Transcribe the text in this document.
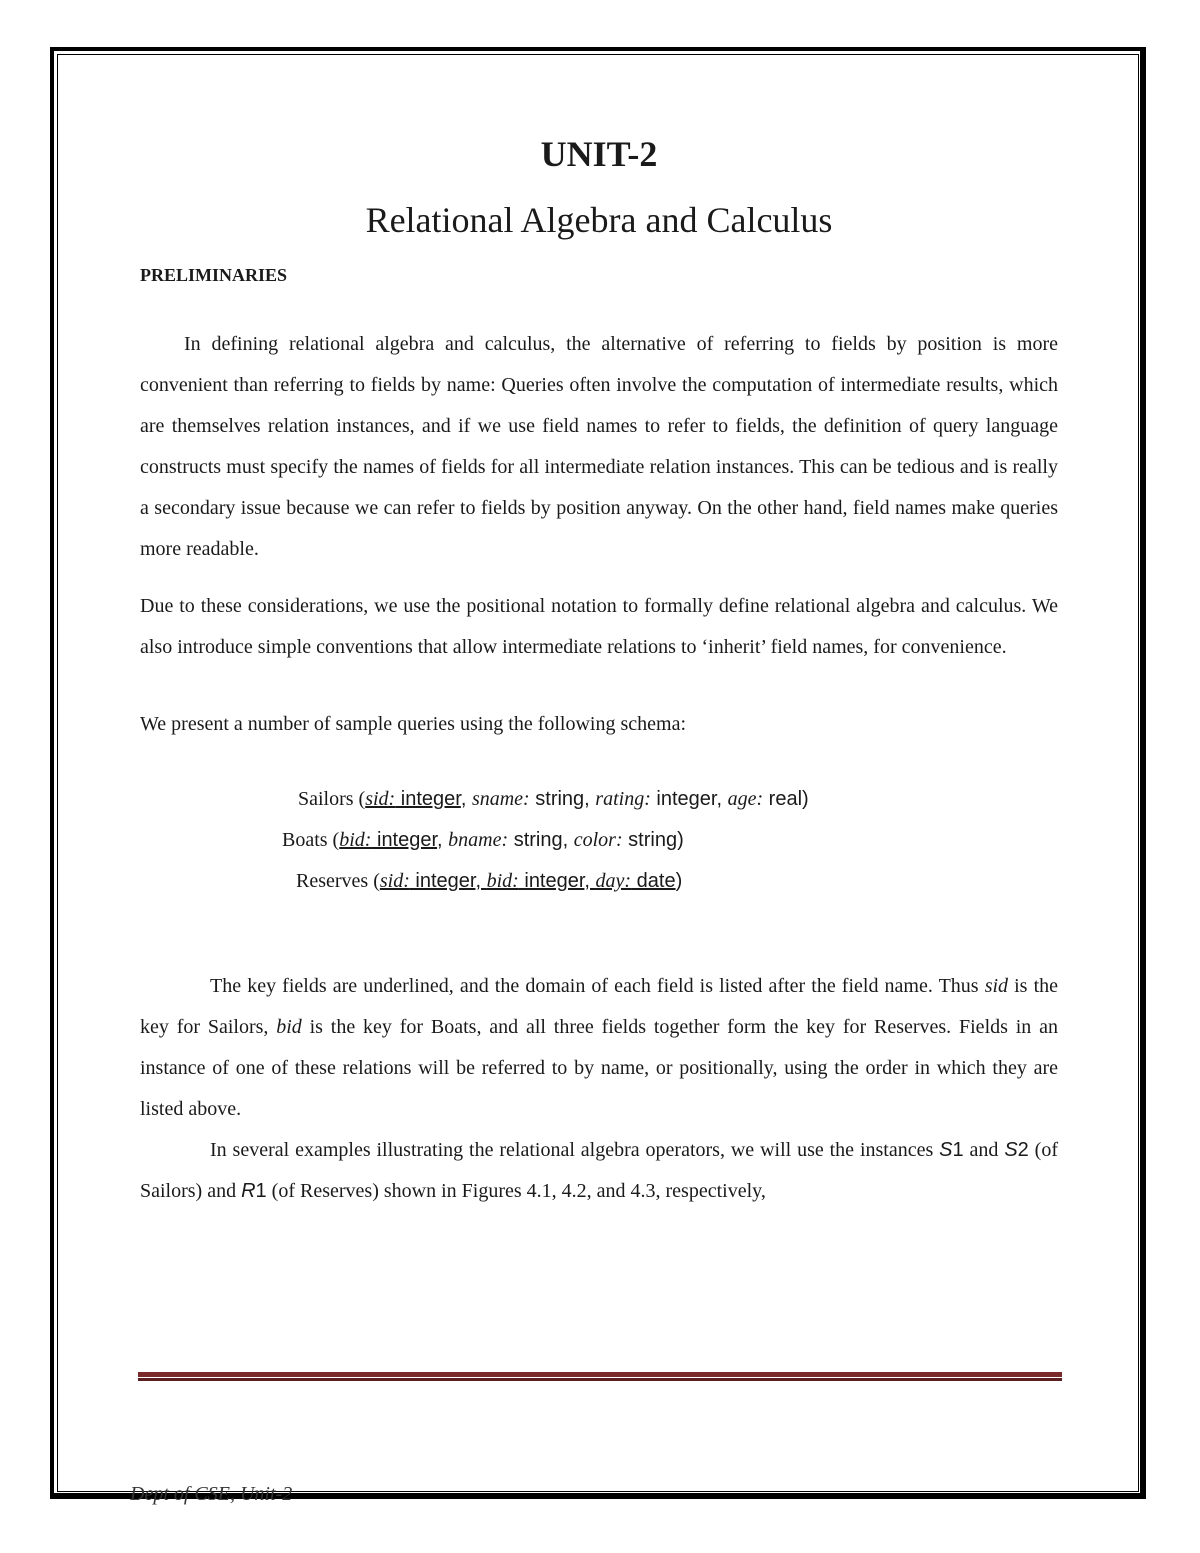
UNIT-2
Relational Algebra and Calculus
PRELIMINARIES

In defining relational algebra and calculus, the alternative of referring to fields by position is more convenient than referring to fields by name: Queries often involve the computation of intermediate results, which are themselves relation instances, and if we use field names to refer to fields, the definition of query language constructs must specify the names of fields for all intermediate relation instances. This can be tedious and is really a secondary issue because we can refer to fields by position anyway. On the other hand, field names make queries more readable.

Due to these considerations, we use the positional notation to formally define relational algebra and calculus. We also introduce simple conventions that allow intermediate relations to ‘inherit’ field names, for convenience.

We present a number of sample queries using the following schema:

Sailors (sid: integer, sname: string, rating: integer, age: real)
Boats (bid: integer, bname: string, color: string)
Reserves (sid: integer, bid: integer, day: date)

The key fields are underlined, and the domain of each field is listed after the field name. Thus sid is the key for Sailors, bid is the key for Boats, and all three fields together form the key for Reserves. Fields in an instance of one of these relations will be referred to by name, or positionally, using the order in which they are listed above.

In several examples illustrating the relational algebra operators, we will use the instances S1 and S2 (of Sailors) and R1 (of Reserves) shown in Figures 4.1, 4.2, and 4.3, respectively,

Dept of CSE, Unit-2
